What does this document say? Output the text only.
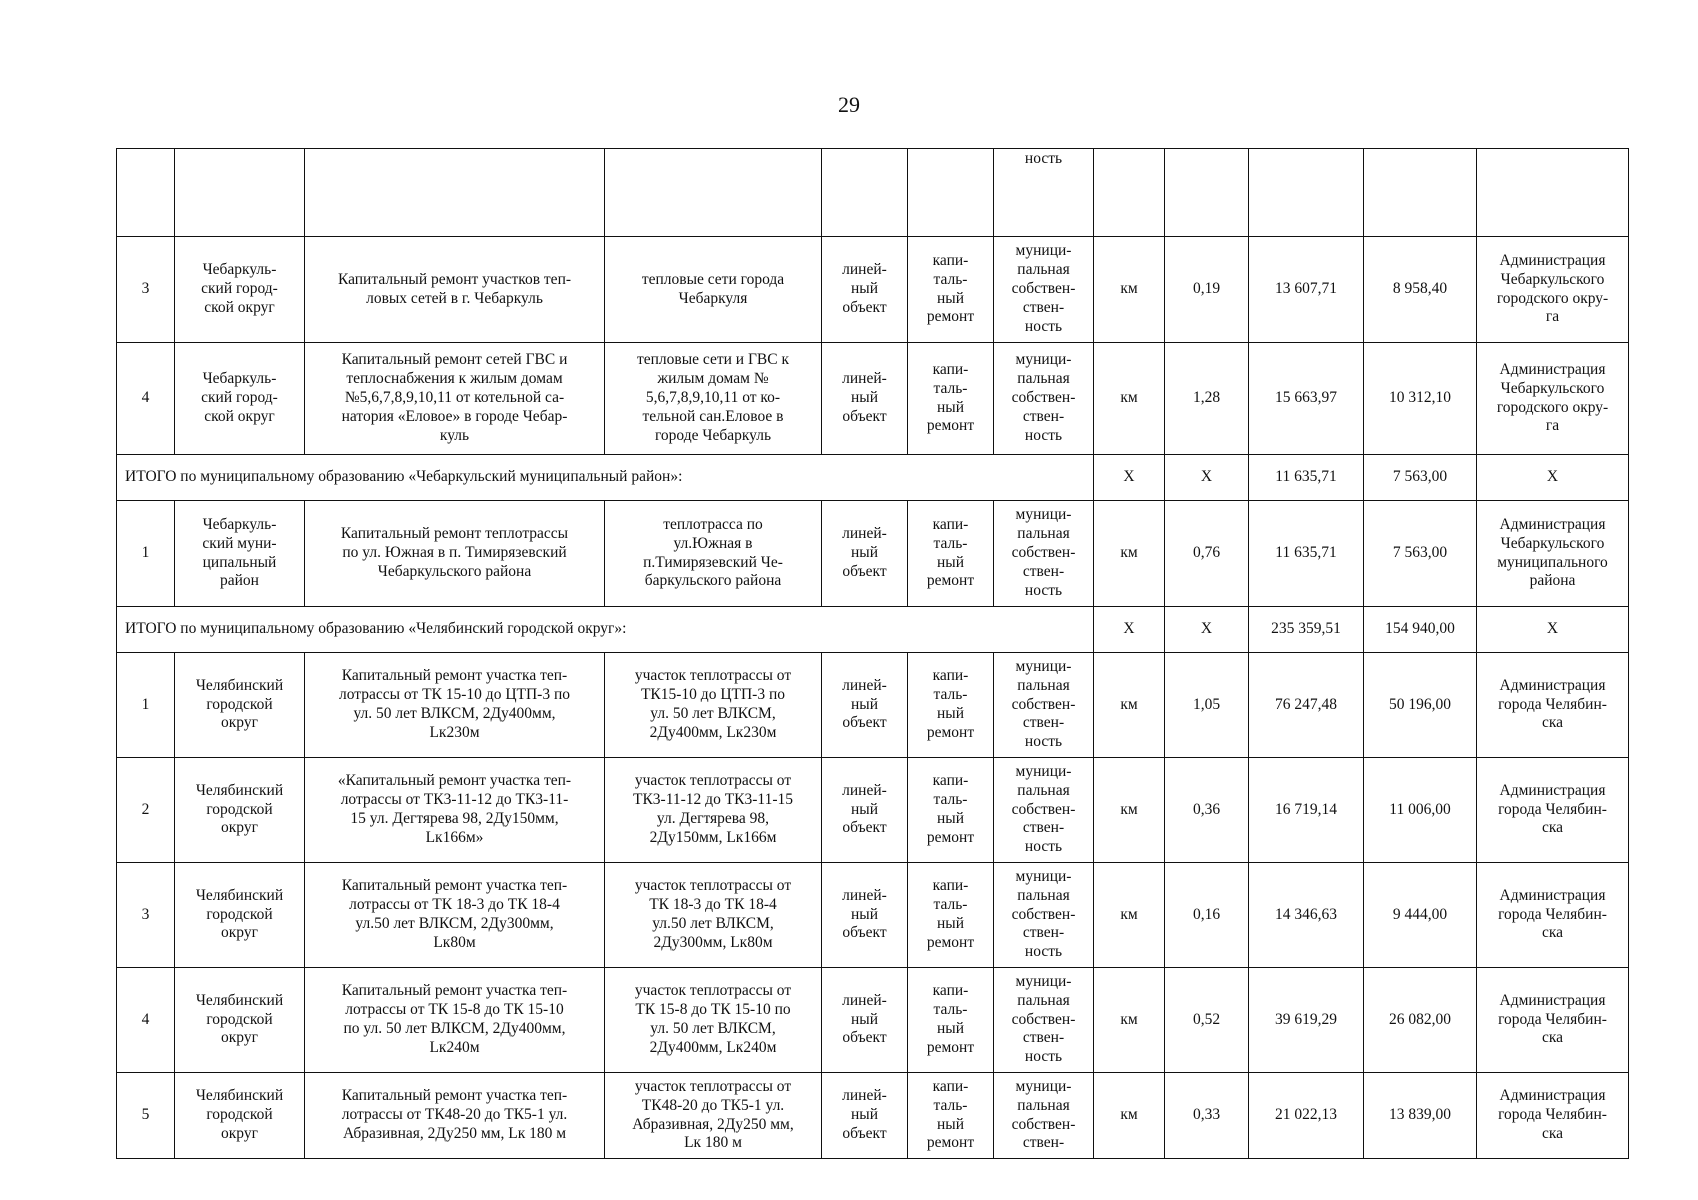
29
						ность					
3	Чебаркуль-
ский город-
ской округ	Капитальный ремонт участков теп-
ловых сетей в г. Чебаркуль	тепловые сети города
Чебаркуля	линей-
ный
объект	капи-
таль-
ный
ремонт	муници-
пальная
собствен-
ствен-
ность	км	0,19	13 607,71	8 958,40	Администрация
Чебаркульского
городского окру-
га

4	Чебаркуль-
ский город-
ской округ	Капитальный ремонт сетей ГВС и
теплоснабжения к жилым домам
№5,6,7,8,9,10,11 от котельной са-
натория «Еловое» в городе Чебар-
куль	тепловые сети и ГВС к
жилым домам №
5,6,7,8,9,10,11 от ко-
тельной сан.Еловое в
городе Чебаркуль	линей-
ный
объект	капи-
таль-
ный
ремонт	муници-
пальная
собствен-
ствен-
ность	км	1,28	15 663,97	10 312,10	Администрация
Чебаркульского
городского окру-
га

ИТОГО по муниципальному образованию «Чебаркульский муниципальный район»:							Х	Х	11 635,71	7 563,00	Х
1	Чебаркуль-
ский муни-
ципальный
район	Капитальный ремонт теплотрассы
по ул. Южная в п. Тимирязевский
Чебаркульского района	теплотрасса по
ул.Южная в
п.Тимирязевский Че-
баркульского района	линей-
ный
объект	капи-
таль-
ный
ремонт	муници-
пальная
собствен-
ствен-
ность	км	0,76	11 635,71	7 563,00	Администрация
Чебаркульского
муниципального
района

ИТОГО по муниципальному образованию «Челябинский городской округ»:							Х	Х	235 359,51	154 940,00	Х
1	Челябинский
городской
округ	Капитальный ремонт участка теп-
лотрассы от ТК 15-10 до ЦТП-3 по
ул. 50 лет ВЛКСМ, 2Ду400мм,
Lк230м	участок теплотрассы от
ТК15-10 до ЦТП-3 по
ул. 50 лет ВЛКСМ,
2Ду400мм, Lк230м	линей-
ный
объект	капи-
таль-
ный
ремонт	муници-
пальная
собствен-
ствен-
ность	км	1,05	76 247,48	50 196,00	Администрация
города Челябин-
ска

2	Челябинский
городской
округ	«Капитальный ремонт участка теп-
лотрассы от ТК3-11-12 до ТК3-11-
15 ул. Дегтярева 98, 2Ду150мм,
Lк166м»	участок теплотрассы от
ТК3-11-12 до ТК3-11-15
ул. Дегтярева 98,
2Ду150мм, Lк166м	линей-
ный
объект	капи-
таль-
ный
ремонт	муници-
пальная
собствен-
ствен-
ность	км	0,36	16 719,14	11 006,00	Администрация
города Челябин-
ска

3	Челябинский
городской
округ	Капитальный ремонт участка теп-
лотрассы от ТК 18-3 до ТК 18-4
ул.50 лет ВЛКСМ, 2Ду300мм,
Lк80м	участок теплотрассы от
ТК 18-3 до ТК 18-4
ул.50 лет ВЛКСМ,
2Ду300мм, Lк80м	линей-
ный
объект	капи-
таль-
ный
ремонт	муници-
пальная
собствен-
ствен-
ность	км	0,16	14 346,63	9 444,00	Администрация
города Челябин-
ска

4	Челябинский
городской
округ	Капитальный ремонт участка теп-
лотрассы от ТК 15-8 до ТК 15-10
по ул. 50 лет ВЛКСМ, 2Ду400мм,
Lк240м	участок теплотрассы от
ТК 15-8 до ТК 15-10 по
ул. 50 лет ВЛКСМ,
2Ду400мм, Lк240м	линей-
ный
объект	капи-
таль-
ный
ремонт	муници-
пальная
собствен-
ствен-
ность	км	0,52	39 619,29	26 082,00	Администрация
города Челябин-
ска

5	Челябинский
городской
округ	Капитальный ремонт участка теп-
лотрассы от ТК48-20 до ТК5-1 ул.
Абразивная, 2Ду250 мм, Lк 180 м	участок теплотрассы от
ТК48-20 до ТК5-1 ул.
Абразивная, 2Ду250 мм,
Lк 180 м	линей-
ный
объект	капи-
таль-
ный
ремонт	муници-
пальная
собствен-
ствен-	км	0,33	21 022,13	13 839,00	Администрация
города Челябин-
ска
